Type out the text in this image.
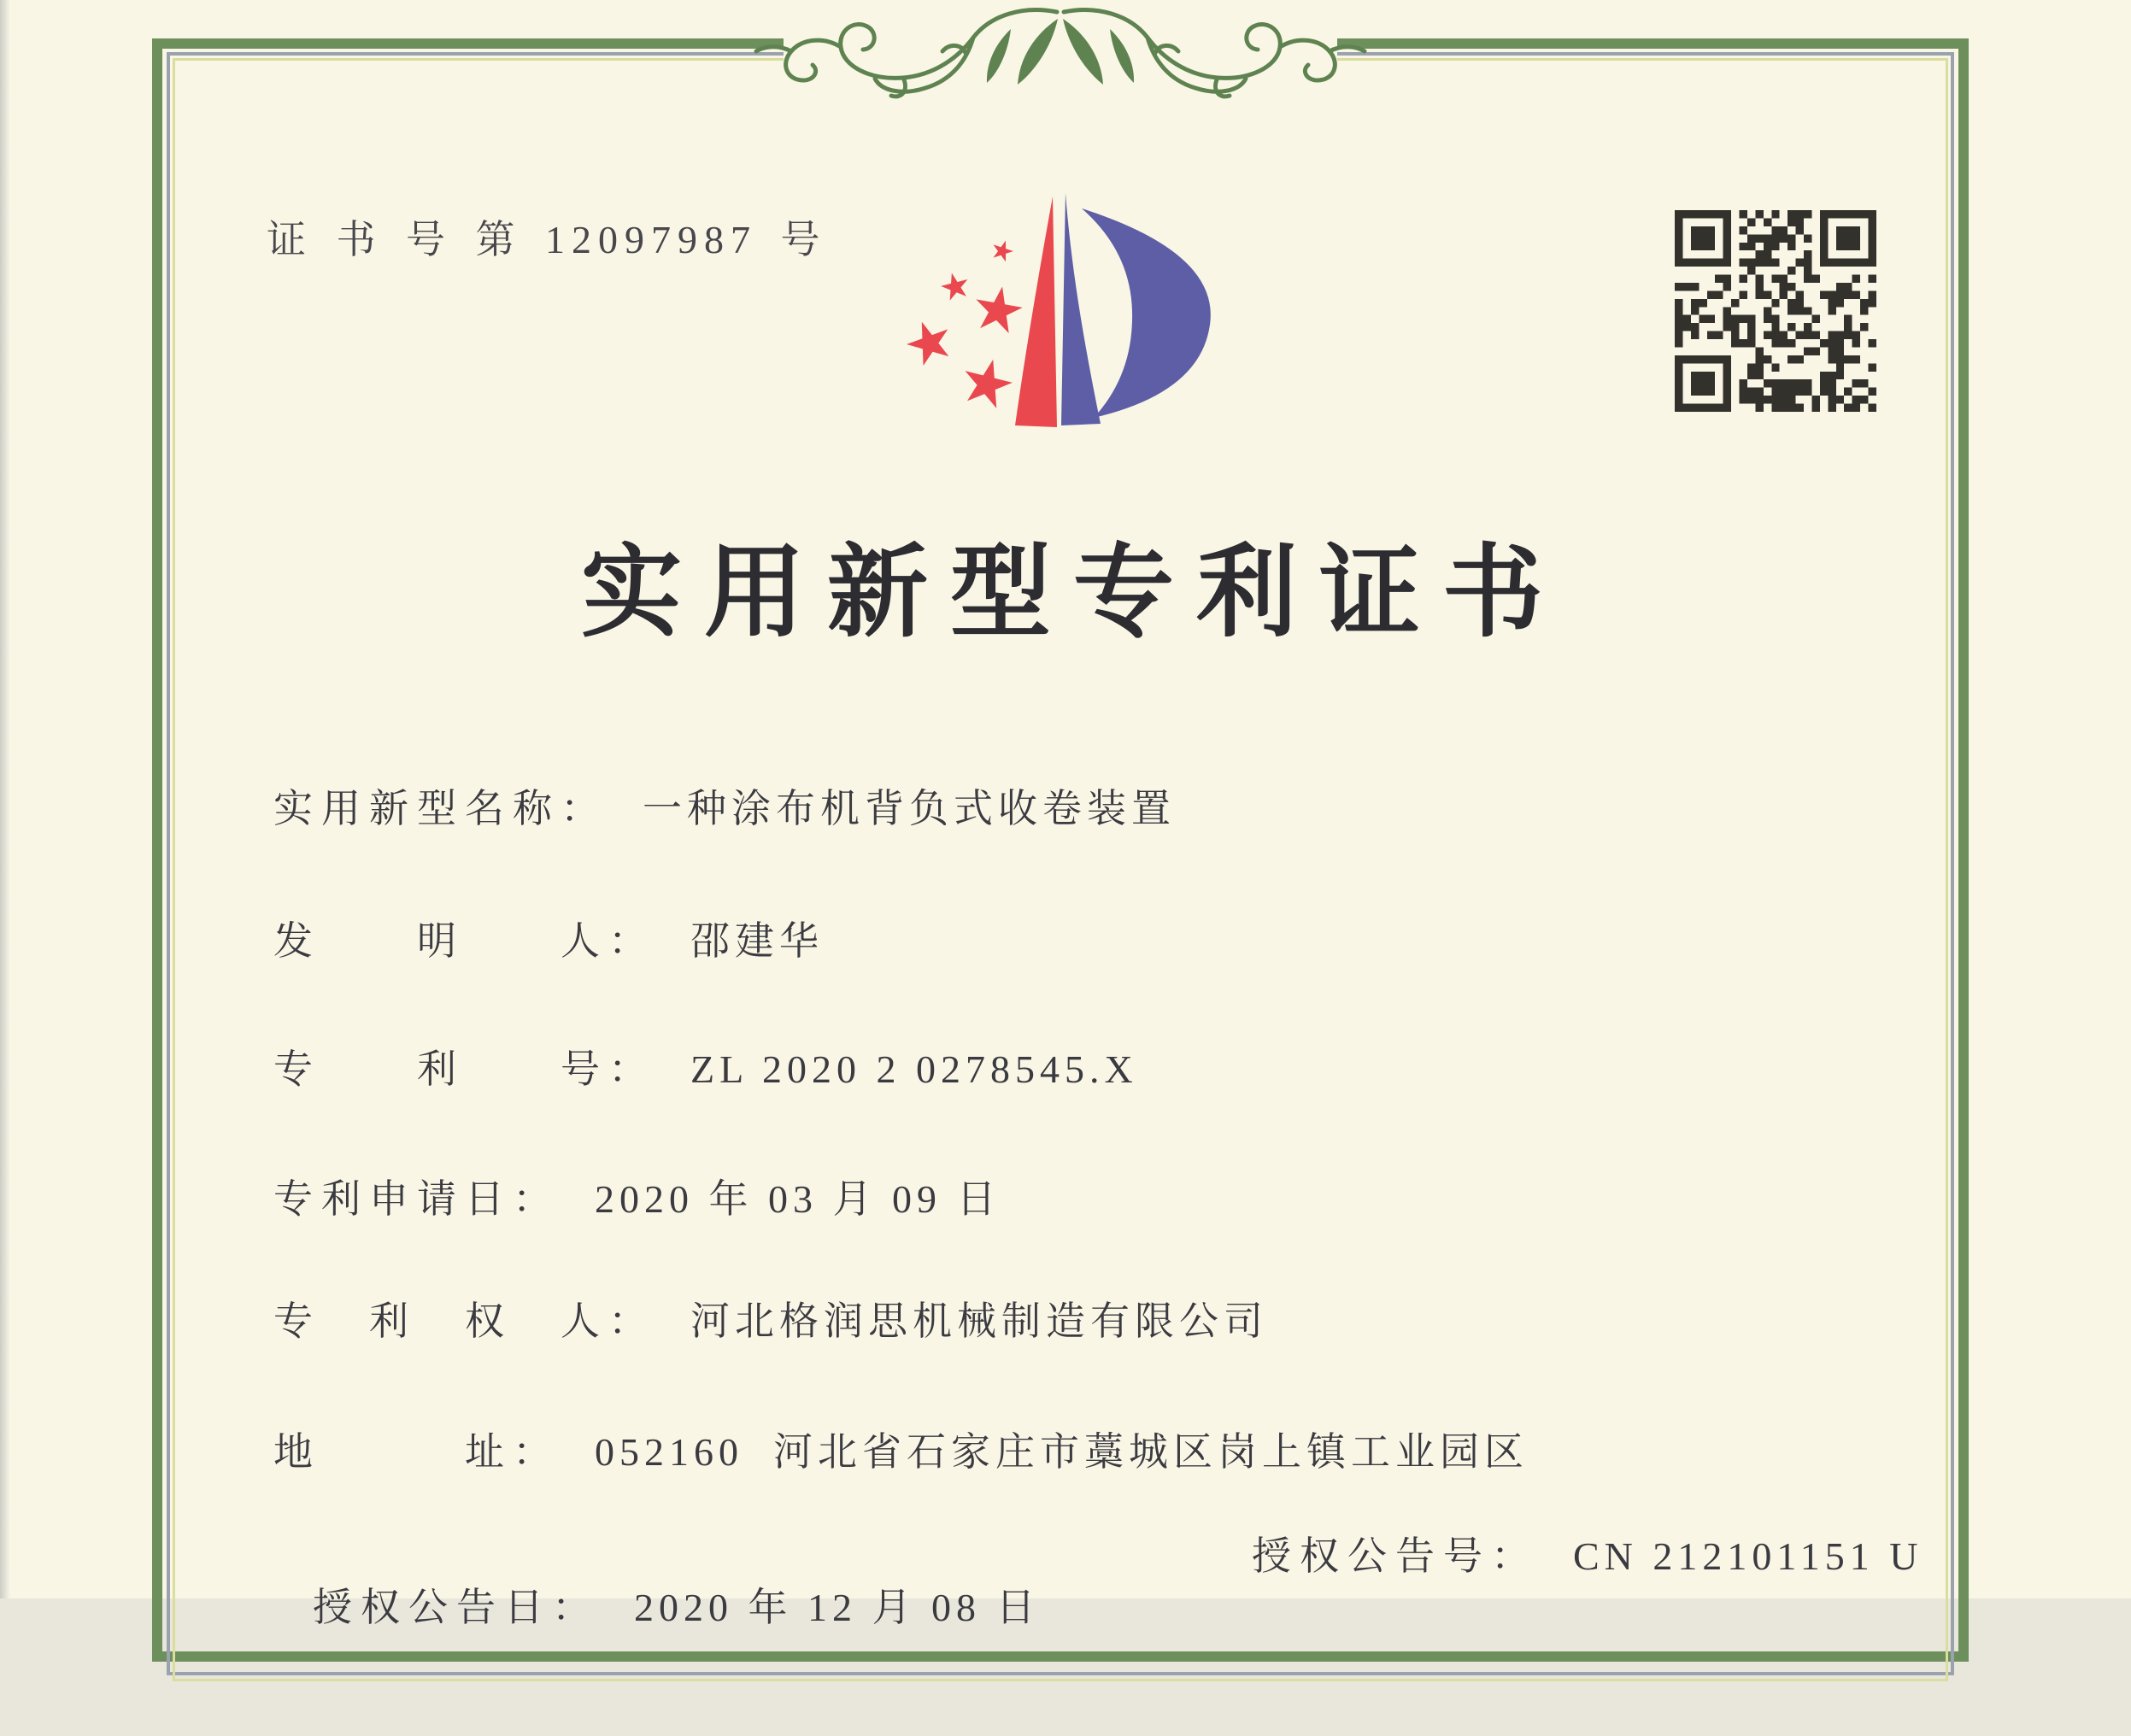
证 书 号 第 12097987 号
实用新型专利证书
实用新型名称： 一种涂布机背负式收卷装置
发　　明　　人： 邵建华
专　　利　　号： ZL 2020 2 0278545.X
专利申请日： 2020 年 03 月 09 日
专　利　权　人： 河北格润思机械制造有限公司
地　　　址： 052160  河北省石家庄市藁城区岗上镇工业园区

授权公告日： 2020 年 12 月 08 日

授权公告号： CN 212101151 U
